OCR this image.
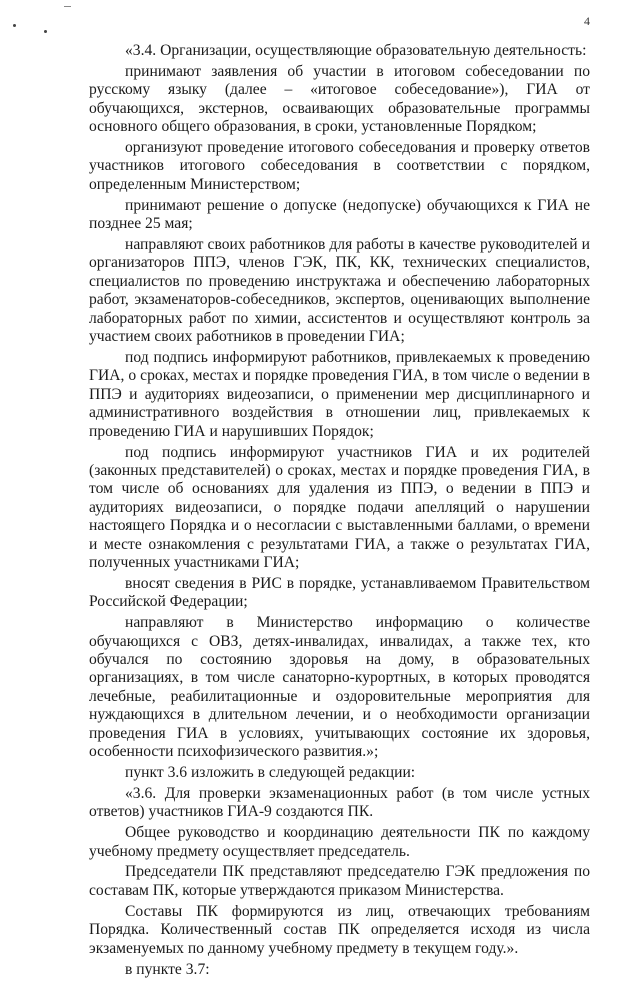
4

«3.4. Организации, осуществляющие образовательную деятельность:

принимают заявления об участии в итоговом собеседовании по русскому языку (далее – «итоговое собеседование»), ГИА от обучающихся, экстернов, осваивающих образовательные программы основного общего образования, в сроки, установленные Порядком;

организуют проведение итогового собеседования и проверку ответов участников итогового собеседования в соответствии с порядком, определенным Министерством;

принимают решение о допуске (недопуске) обучающихся к ГИА не позднее 25 мая;

направляют своих работников для работы в качестве руководителей и организаторов ППЭ, членов ГЭК, ПК, КК, технических специалистов, специалистов по проведению инструктажа и обеспечению лабораторных работ, экзаменаторов-собеседников, экспертов, оценивающих выполнение лабораторных работ по химии, ассистентов и осуществляют контроль за участием своих работников в проведении ГИА;

под подпись информируют работников, привлекаемых к проведению ГИА, о сроках, местах и порядке проведения ГИА, в том числе о ведении в ППЭ и аудиториях видеозаписи, о применении мер дисциплинарного и административного воздействия в отношении лиц, привлекаемых к проведению ГИА и нарушивших Порядок;

под подпись информируют участников ГИА и их родителей (законных представителей) о сроках, местах и порядке проведения ГИА, в том числе об основаниях для удаления из ППЭ, о ведении в ППЭ и аудиториях видеозаписи, о порядке подачи апелляций о нарушении настоящего Порядка и о несогласии с выставленными баллами, о времени и месте ознакомления с результатами ГИА, а также о результатах ГИА, полученных участниками ГИА;

вносят сведения в РИС в порядке, устанавливаемом Правительством Российской Федерации;

направляют в Министерство информацию о количестве обучающихся с ОВЗ, детях-инвалидах, инвалидах, а также тех, кто обучался по состоянию здоровья на дому, в образовательных организациях, в том числе санаторно-курортных, в которых проводятся лечебные, реабилитационные и оздоровительные мероприятия для нуждающихся в длительном лечении, и о необходимости организации проведения ГИА в условиях, учитывающих состояние их здоровья, особенности психофизического развития.»;

пункт 3.6 изложить в следующей редакции:

«3.6. Для проверки экзаменационных работ (в том числе устных ответов) участников ГИА-9 создаются ПК.

Общее руководство и координацию деятельности ПК по каждому учебному предмету осуществляет председатель.

Председатели ПК представляют председателю ГЭК предложения по составам ПК, которые утверждаются приказом Министерства.

Составы ПК формируются из лиц, отвечающих требованиям Порядка. Количественный состав ПК определяется исходя из числа экзаменуемых по данному учебному предмету в текущем году.».

в пункте 3.7:
